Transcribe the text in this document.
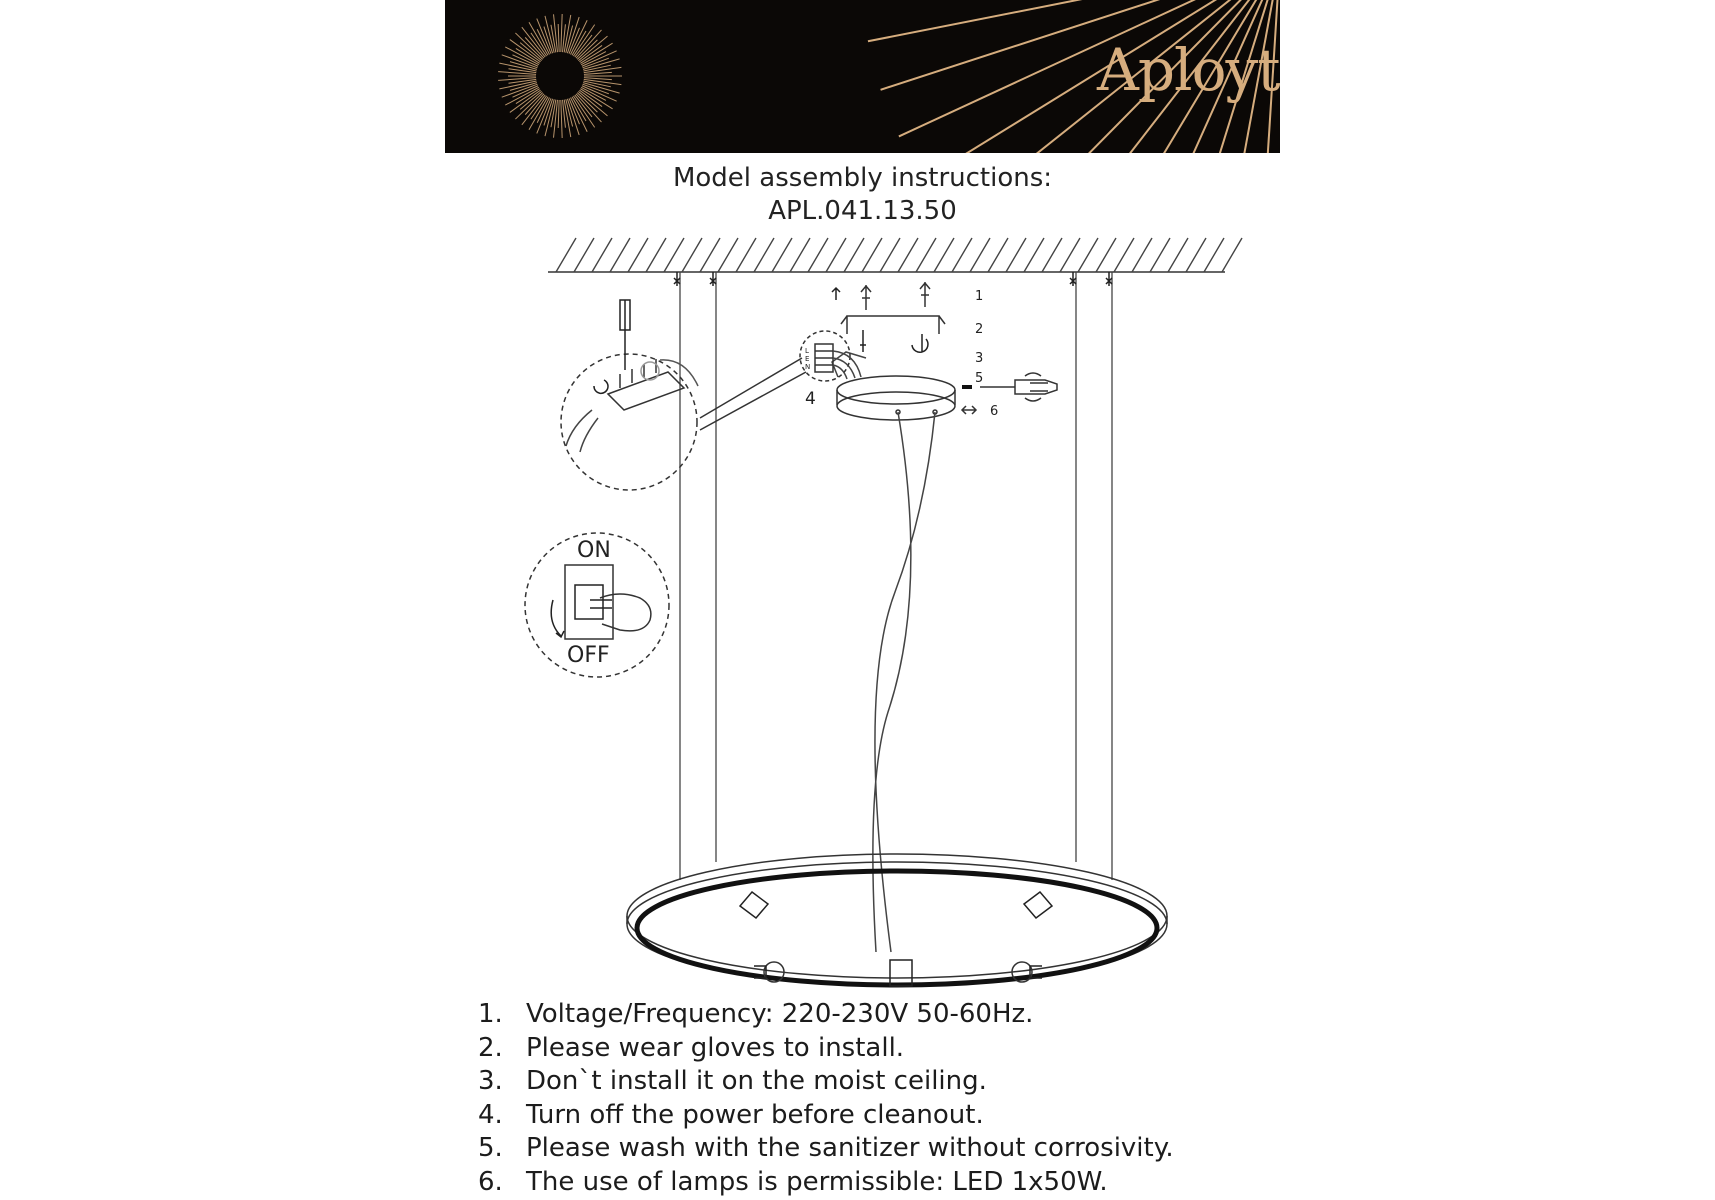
Aployt
Model assembly instructions:
APL.041.13.50
1
2
3
4
5
6
L
E
N
ON
OFF
1. Voltage/Frequency: 220-230V 50-60Hz.
2. Please wear gloves to install.
3. Don`t install it on the moist ceiling.
4. Turn off the power before cleanout.
5. Please wash with the sanitizer without corrosivity.
6. The use of lamps is permissible: LED 1x50W.
